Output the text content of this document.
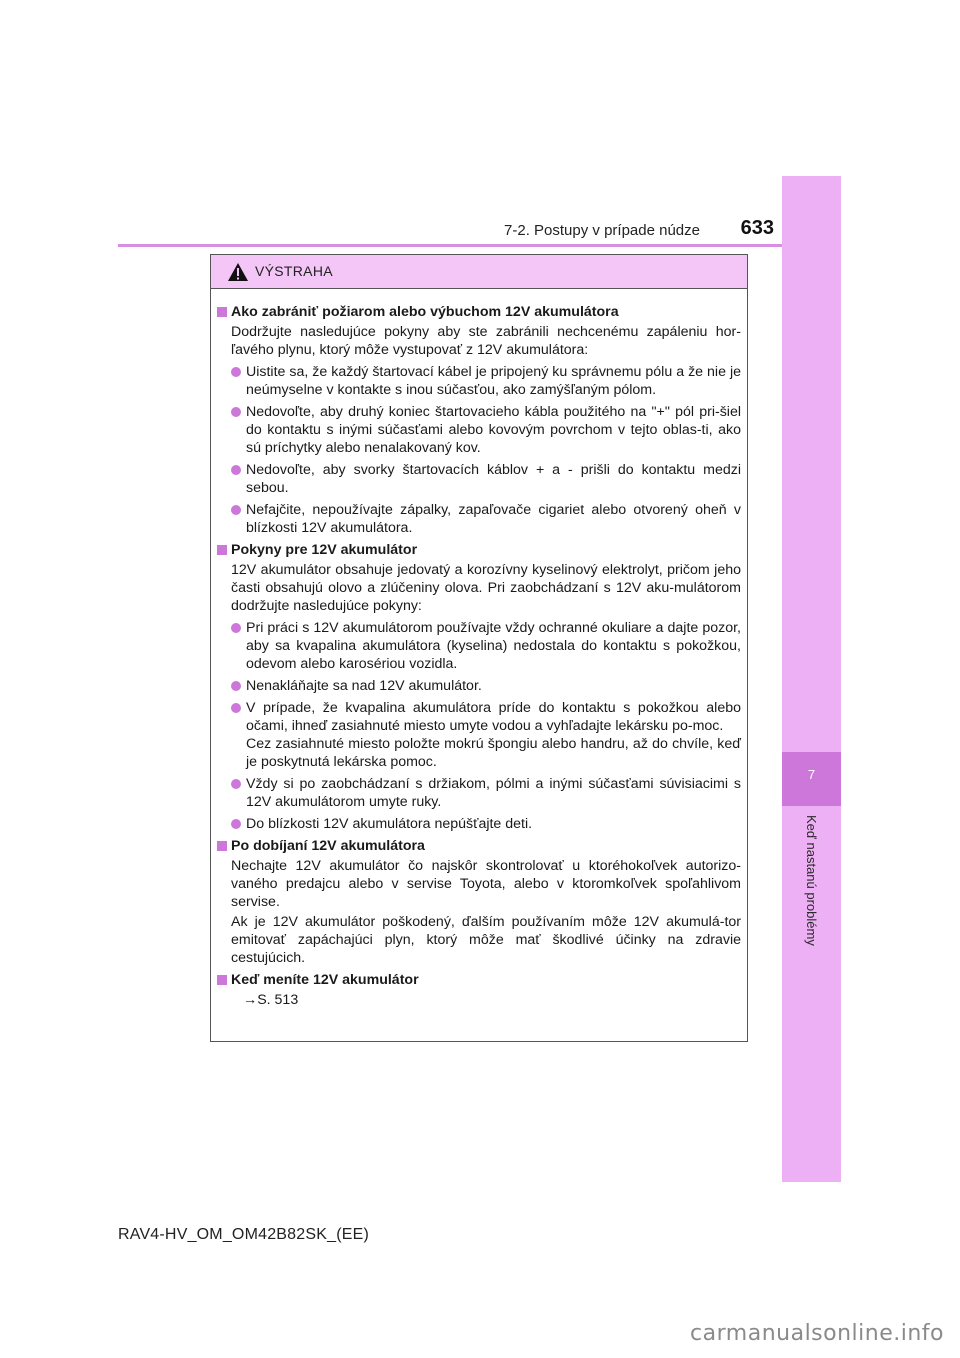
7
Keď nastanú problémy
7-2. Postupy v prípade núdze	633
VÝSTRAHA
Ako zabrániť požiarom alebo výbuchom 12V akumulátora
Dodržujte nasledujúce pokyny aby ste zabránili nechcenému zapáleniu hor-ľavého plynu, ktorý môže vystupovať z 12V akumulátora:
Uistite sa, že každý štartovací kábel je pripojený ku správnemu pólu a že nie je neúmyselne v kontakte s inou súčasťou, ako zamýšľaným pólom.
Nedovoľte, aby druhý koniec štartovacieho kábla použitého na "+" pól pri-šiel do kontaktu s inými súčasťami alebo kovovým povrchom v tejto oblas-ti, ako sú príchytky alebo nenalakovaný kov.
Nedovoľte, aby svorky štartovacích káblov + a - prišli do kontaktu medzi sebou.
Nefajčite, nepoužívajte zápalky, zapaľovače cigariet alebo otvorený oheň v blízkosti 12V akumulátora.
Pokyny pre 12V akumulátor
12V akumulátor obsahuje jedovatý a korozívny kyselinový elektrolyt, pričom jeho časti obsahujú olovo a zlúčeniny olova. Pri zaobchádzaní s 12V aku-mulátorom dodržujte nasledujúce pokyny:
Pri práci s 12V akumulátorom používajte vždy ochranné okuliare a dajte pozor, aby sa kvapalina akumulátora (kyselina) nedostala do kontaktu s pokožkou, odevom alebo karosériou vozidla.
Nenakláňajte sa nad 12V akumulátor.

V prípade, že kvapalina akumulátora príde do kontaktu s pokožkou alebo očami, ihneď zasiahnuté miesto umyte vodou a vyhľadajte lekársku po-moc.

Cez zasiahnuté miesto položte mokrú špongiu alebo handru, až do chvíle, keď je poskytnutá lekárska pomoc.

Vždy si po zaobchádzaní s držiakom, pólmi a inými súčasťami súvisiacimi s 12V akumulátorom umyte ruky.
Do blízkosti 12V akumulátora nepúšťajte deti.
Po dobíjaní 12V akumulátora
Nechajte 12V akumulátor čo najskôr skontrolovať u ktoréhokoľvek autorizo-vaného predajcu alebo v servise Toyota, alebo v ktoromkoľvek spoľahlivom servise.
Ak je 12V akumulátor poškodený, ďalším používaním môže 12V akumulá-tor emitovať zapáchajúci plyn, ktorý môže mať škodlivé účinky na zdravie cestujúcich.
Keď meníte 12V akumulátor
→S. 513
RAV4-HV_OM_OM42B82SK_(EE)
carmanualsonline.info
